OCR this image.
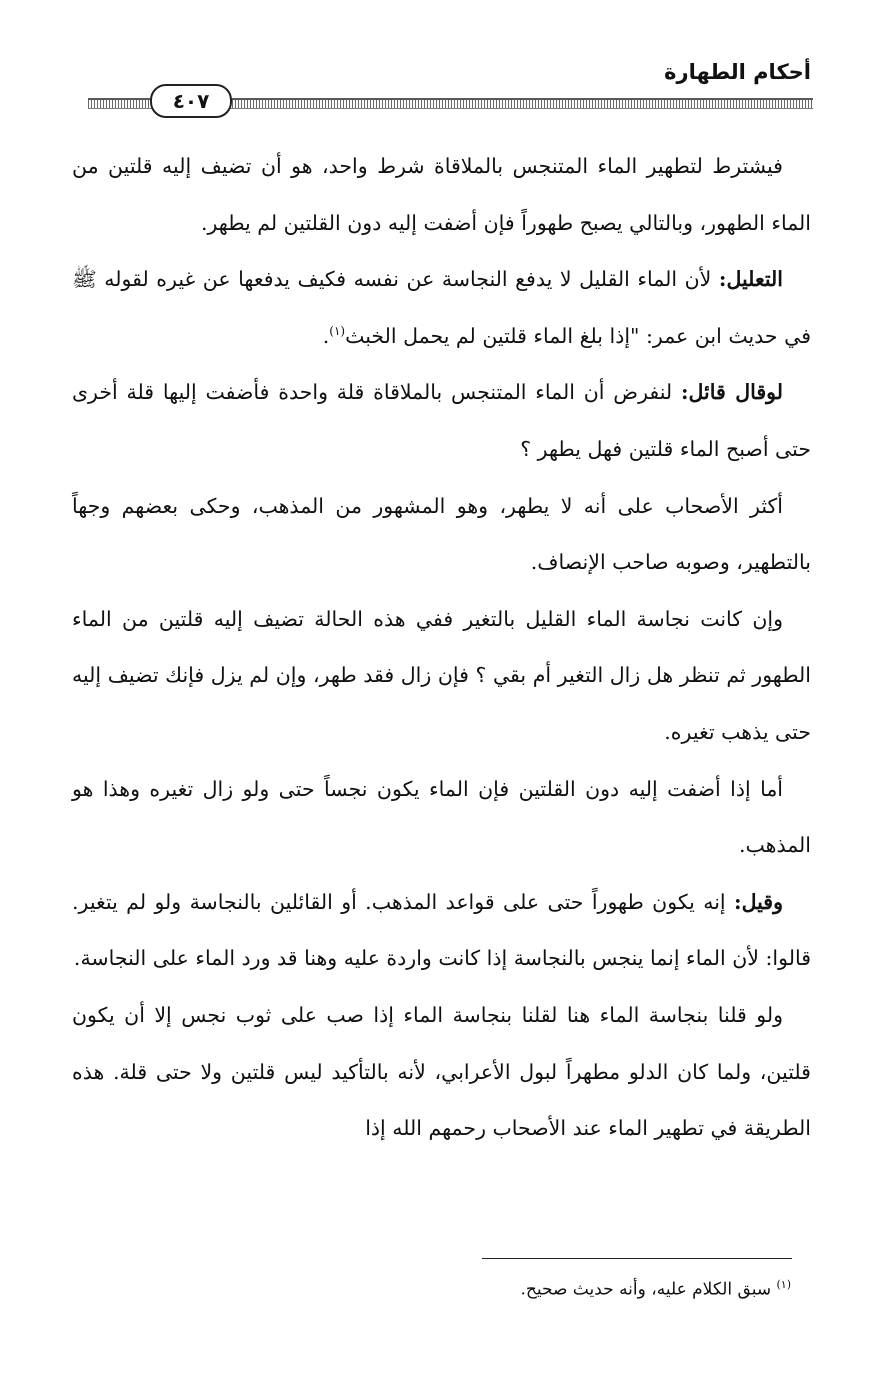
أحكام الطهارة
٤٠٧

فيشترط لتطهير الماء المتنجس بالملاقاة شرط واحد، هو أن تضيف إليه قلتين من الماء الطهور، وبالتالي يصبح طهوراً فإن أضفت إليه دون القلتين لم يطهر.

التعليل: لأن الماء القليل لا يدفع النجاسة عن نفسه فكيف يدفعها عن غيره لقوله ﷺ في حديث ابن عمر: "إذا بلغ الماء قلتين لم يحمل الخبث$^{(١)}$.

لوقال قائل: لنفرض أن الماء المتنجس بالملاقاة قلة واحدة فأضفت إليها قلة أخرى حتى أصبح الماء قلتين فهل يطهر ؟

أكثر الأصحاب على أنه لا يطهر، وهو المشهور من المذهب، وحكى بعضهم وجهاً بالتطهير، وصوبه صاحب الإنصاف.

وإن كانت نجاسة الماء القليل بالتغير ففي هذه الحالة تضيف إليه قلتين من الماء الطهور ثم تنظر هل زال التغير أم بقي ؟ فإن زال فقد طهر، وإن لم يزل فإنك تضيف إليه حتى يذهب تغيره.

أما إذا أضفت إليه دون القلتين فإن الماء يكون نجساً حتى ولو زال تغيره وهذا هو المذهب.

وقيل: إنه يكون طهوراً حتى على قواعد المذهب. أو القائلين بالنجاسة ولو لم يتغير. قالوا: لأن الماء إنما ينجس بالنجاسة إذا كانت واردة عليه وهنا قد ورد الماء على النجاسة.

ولو قلنا بنجاسة الماء هنا لقلنا بنجاسة الماء إذا صب على ثوب نجس إلا أن يكون قلتين، ولما كان الدلو مطهراً لبول الأعرابي، لأنه بالتأكيد ليس قلتين ولا حتى قلة. هذه الطريقة في تطهير الماء عند الأصحاب رحمهم الله إذا

$^{(١)}$ سبق الكلام عليه، وأنه حديث صحيح.
